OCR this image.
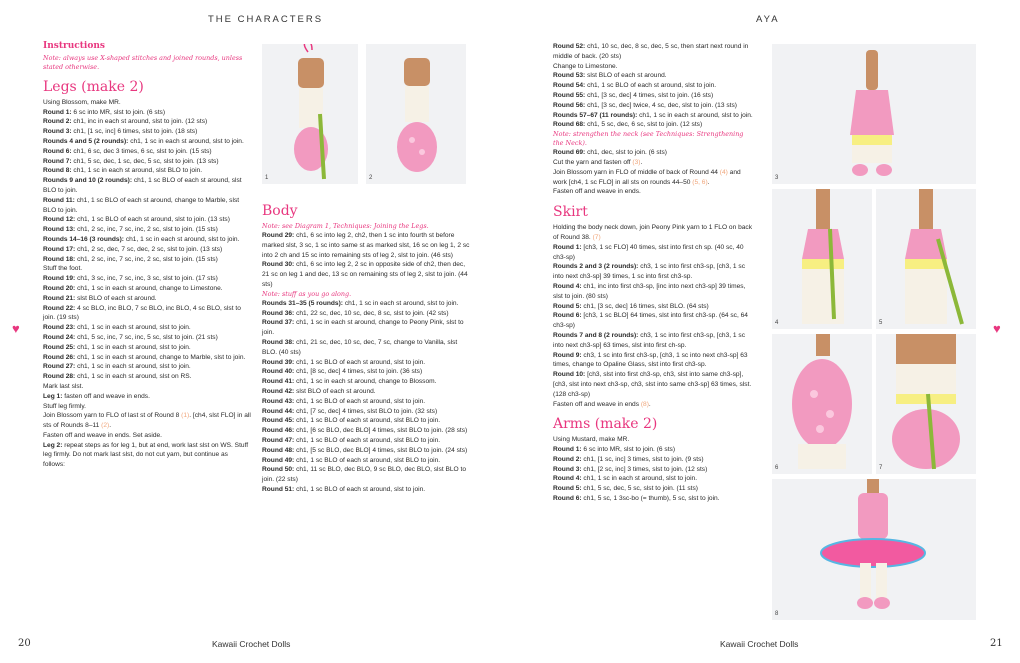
THE CHARACTERS	AYA
♥	♥
Instructions
Note: always use X-shaped stitches and joined rounds, unless stated otherwise.
Legs (make 2)

Using Blossom, make MR.

Round 1: 6 sc into MR, slst to join. (6 sts)

Round 2: ch1, inc in each st around, slst to join. (12 sts)

Round 3: ch1, [1 sc, inc] 6 times, slst to join. (18 sts)

Rounds 4 and 5 (2 rounds): ch1, 1 sc in each st around, slst to join.

Round 6: ch1, 6 sc, dec 3 times, 6 sc, slst to join. (15 sts)

Round 7: ch1, 5 sc, dec, 1 sc, dec, 5 sc, slst to join. (13 sts)

Round 8: ch1, 1 sc in each st around, slst BLO to join.

Rounds 9 and 10 (2 rounds): ch1, 1 sc BLO of each st around, slst BLO to join.

Round 11: ch1, 1 sc BLO of each st around, change to Marble, slst BLO to join.

Round 12: ch1, 1 sc BLO of each st around, slst to join. (13 sts)

Round 13: ch1, 2 sc, inc, 7 sc, inc, 2 sc, slst to join. (15 sts)

Rounds 14–16 (3 rounds): ch1, 1 sc in each st around, slst to join.

Round 17: ch1, 2 sc, dec, 7 sc, dec, 2 sc, slst to join. (13 sts)

Round 18: ch1, 2 sc, inc, 7 sc, inc, 2 sc, slst to join. (15 sts)

Stuff the foot.

Round 19: ch1, 3 sc, inc, 7 sc, inc, 3 sc, slst to join. (17 sts)

Round 20: ch1, 1 sc in each st around, change to Limestone.

Round 21: slst BLO of each st around.

Round 22: 4 sc BLO, inc BLO, 7 sc BLO, inc BLO, 4 sc BLO, slst to join. (19 sts)

Round 23: ch1, 1 sc in each st around, slst to join.

Round 24: ch1, 5 sc, inc, 7 sc, inc, 5 sc, slst to join. (21 sts)

Round 25: ch1, 1 sc in each st around, slst to join.

Round 26: ch1, 1 sc in each st around, change to Marble, slst to join.

Round 27: ch1, 1 sc in each st around, slst to join.

Round 28: ch1, 1 sc in each st around, slst on RS.

Mark last slst.

Leg 1: fasten off and weave in ends.

Stuff leg firmly.

Join Blossom yarn to FLO of last st of Round 8 (1). [ch4, slst FLO] in all sts of Rounds 8–11 (2).

Fasten off and weave in ends. Set aside.

Leg 2: repeat steps as for leg 1, but at end, work last slst on WS. Stuff leg firmly. Do not mark last slst, do not cut yarn, but continue as follows:

Body
Note: see Diagram 1, Techniques: Joining the Legs.

Round 29: ch1, 6 sc into leg 2, ch2, then 1 sc into fourth st before marked slst, 3 sc, 1 sc into same st as marked slst, 16 sc on leg 1, 2 sc into 2 ch and 15 sc into remaining sts of leg 2, slst to join. (46 sts)

Round 30: ch1, 6 sc into leg 2, 2 sc in opposite side of ch2, then dec, 21 sc on leg 1 and dec, 13 sc on remaining sts of leg 2, slst to join. (44 sts)

Note: stuff as you go along.

Rounds 31–35 (5 rounds): ch1, 1 sc in each st around, slst to join.

Round 36: ch1, 22 sc, dec, 10 sc, dec, 8 sc, slst to join. (42 sts)

Round 37: ch1, 1 sc in each st around, change to Peony Pink, slst to join.

Round 38: ch1, 21 sc, dec, 10 sc, dec, 7 sc, change to Vanilla, slst BLO. (40 sts)

Round 39: ch1, 1 sc BLO of each st around, slst to join.

Round 40: ch1, [8 sc, dec] 4 times, slst to join. (36 sts)

Round 41: ch1, 1 sc in each st around, change to Blossom.

Round 42: slst BLO of each st around.

Round 43: ch1, 1 sc BLO of each st around, slst to join.

Round 44: ch1, [7 sc, dec] 4 times, slst BLO to join. (32 sts)

Round 45: ch1, 1 sc BLO of each st around, slst BLO to join.

Round 46: ch1, [6 sc BLO, dec BLO] 4 times, slst BLO to join. (28 sts)

Round 47: ch1, 1 sc BLO of each st around, slst BLO to join.

Round 48: ch1, [5 sc BLO, dec BLO] 4 times, slst BLO to join. (24 sts)

Round 49: ch1, 1 sc BLO of each st around, slst BLO to join.

Round 50: ch1, 11 sc BLO, dec BLO, 9 sc BLO, dec BLO, slst BLO to join. (22 sts)

Round 51: ch1, 1 sc BLO of each st around, slst to join.

Round 52: ch1, 10 sc, dec, 8 sc, dec, 5 sc, then start next round in middle of back. (20 sts)

Change to Limestone.

Round 53: slst BLO of each st around.

Round 54: ch1, 1 sc BLO of each st around, slst to join.

Round 55: ch1, [3 sc, dec] 4 times, slst to join. (16 sts)

Round 56: ch1, [3 sc, dec] twice, 4 sc, dec, slst to join. (13 sts)

Rounds 57–67 (11 rounds): ch1, 1 sc in each st around, slst to join.

Round 68: ch1, 5 sc, dec, 6 sc, slst to join. (12 sts)

Note: strengthen the neck (see Techniques: Strengthening the Neck).

Round 69: ch1, dec, slst to join. (6 sts)

Cut the yarn and fasten off (3).

Join Blossom yarn in FLO of middle of back of Round 44 (4) and work [ch4, 1 sc FLO] in all sts on rounds 44–50 (5, 6).

Fasten off and weave in ends.

Skirt

Holding the body neck down, join Peony Pink yarn to 1 FLO on back of Round 38. (7)

Round 1: [ch3, 1 sc FLO] 40 times, slst into first ch sp. (40 sc, 40 ch3-sp)

Rounds 2 and 3 (2 rounds): ch3, 1 sc into first ch3-sp, [ch3, 1 sc into next ch3-sp] 39 times, 1 sc into first ch3-sp.

Round 4: ch1, inc into first ch3-sp, [inc into next ch3-sp] 39 times, slst to join. (80 sts)

Round 5: ch1, [3 sc, dec] 16 times, slst BLO. (64 sts)

Round 6: [ch3, 1 sc BLO] 64 times, slst into first ch3-sp. (64 sc, 64 ch3-sp)

Rounds 7 and 8 (2 rounds): ch3, 1 sc into first ch3-sp, [ch3, 1 sc into next ch3-sp] 63 times, slst into first ch-sp.

Round 9: ch3, 1 sc into first ch3-sp, [ch3, 1 sc into next ch3-sp] 63 times, change to Opaline Glass, slst into first ch3-sp.

Round 10: [ch3, slst into first ch3-sp, ch3, slst into same ch3-sp], [ch3, slst into next ch3-sp, ch3, slst into same ch3-sp] 63 times, slst. (128 ch3-sp)

Fasten off and weave in ends (8).

Arms (make 2)

Using Mustard, make MR.

Round 1: 6 sc into MR, slst to join. (6 sts)

Round 2: ch1, [1 sc, inc] 3 times, slst to join. (9 sts)

Round 3: ch1, [2 sc, inc] 3 times, slst to join. (12 sts)

Round 4: ch1, 1 sc in each st around, slst to join.

Round 5: ch1, 5 sc, dec, 5 sc, slst to join. (11 sts)

Round 6: ch1, 5 sc, 1 3sc-bo (= thumb), 5 sc, slst to join.

1	2	3
4	5
6	7
8
20	Kawaii Crochet Dolls	Kawaii Crochet Dolls	21
